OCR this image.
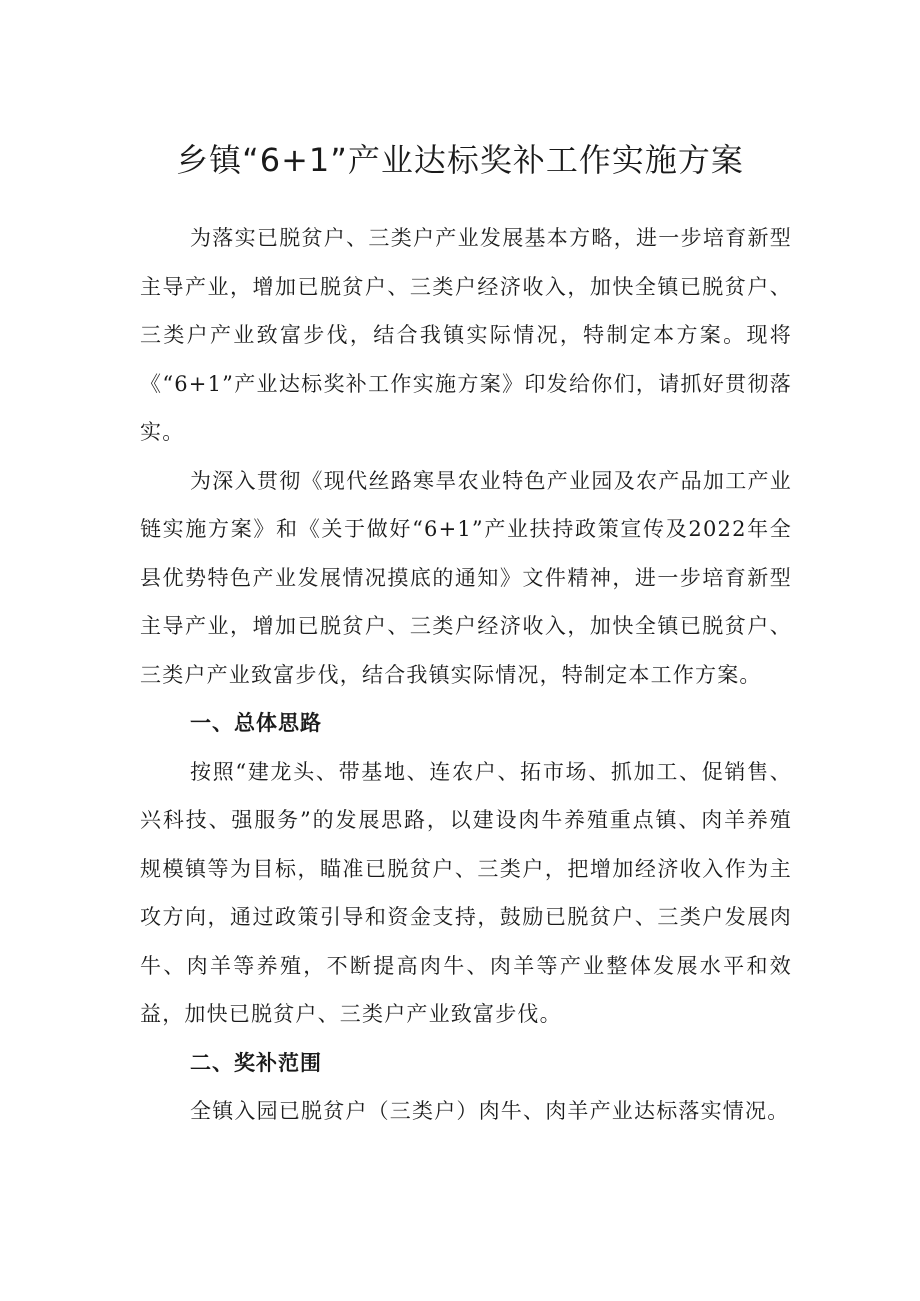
乡镇“6+1”产业达标奖补工作实施方案

为落实已脱贫户、三类户产业发展基本方略，进一步培育新型主导产业，增加已脱贫户、三类户经济收入，加快全镇已脱贫户、三类户产业致富步伐，结合我镇实际情况，特制定本方案。现将《“6+1”产业达标奖补工作实施方案》印发给你们，请抓好贯彻落实。

为深入贯彻《现代丝路寒旱农业特色产业园及农产品加工产业链实施方案》和《关于做好“6+1”产业扶持政策宣传及2022年全县优势特色产业发展情况摸底的通知》文件精神，进一步培育新型主导产业，增加已脱贫户、三类户经济收入，加快全镇已脱贫户、三类户产业致富步伐，结合我镇实际情况，特制定本工作方案。

一、总体思路

按照“建龙头、带基地、连农户、拓市场、抓加工、促销售、兴科技、强服务”的发展思路，以建设肉牛养殖重点镇、肉羊养殖规模镇等为目标，瞄准已脱贫户、三类户，把增加经济收入作为主攻方向，通过政策引导和资金支持，鼓励已脱贫户、三类户发展肉牛、肉羊等养殖，不断提高肉牛、肉羊等产业整体发展水平和效益，加快已脱贫户、三类户产业致富步伐。

二、奖补范围

全镇入园已脱贫户（三类户）肉牛、肉羊产业达标落实情况。
